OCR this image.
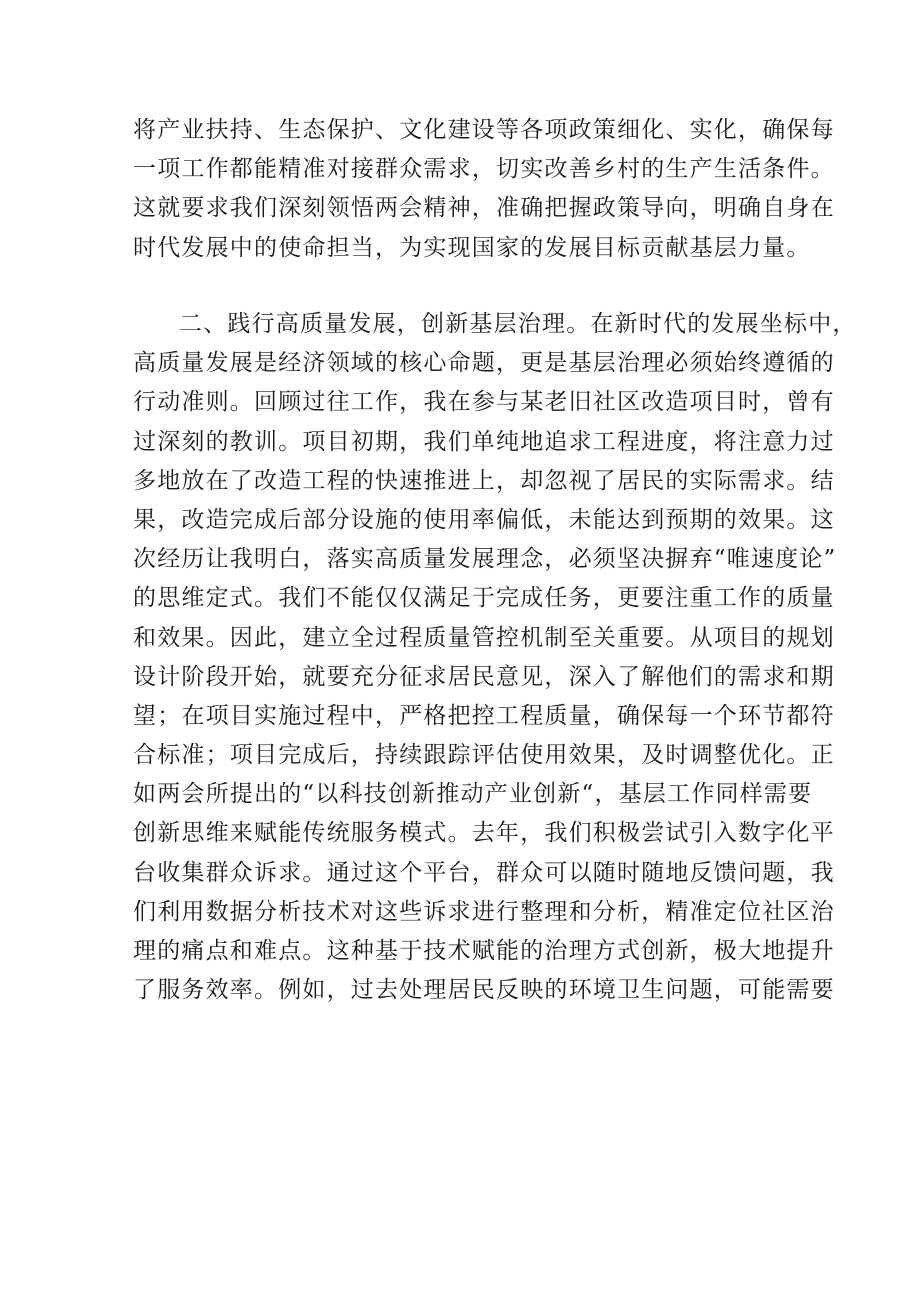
将产业扶持、生态保护、文化建设等各项政策细化、实化，确保每
一项工作都能精准对接群众需求，切实改善乡村的生产生活条件。
这就要求我们深刻领悟两会精神，准确把握政策导向，明确自身在
时代发展中的使命担当，为实现国家的发展目标贡献基层力量。
二、践行高质量发展，创新基层治理。在新时代的发展坐标中，
高质量发展是经济领域的核心命题，更是基层治理必须始终遵循的
行动准则。回顾过往工作，我在参与某老旧社区改造项目时，曾有
过深刻的教训。项目初期，我们单纯地追求工程进度，将注意力过
多地放在了改造工程的快速推进上，却忽视了居民的实际需求。结
果，改造完成后部分设施的使用率偏低，未能达到预期的效果。这
次经历让我明白，落实高质量发展理念，必须坚决摒弃“唯速度论”
的思维定式。我们不能仅仅满足于完成任务，更要注重工作的质量
和效果。因此，建立全过程质量管控机制至关重要。从项目的规划
设计阶段开始，就要充分征求居民意见，深入了解他们的需求和期
望；在项目实施过程中，严格把控工程质量，确保每一个环节都符
合标准；项目完成后，持续跟踪评估使用效果，及时调整优化。正
如两会所提出的“以科技创新推动产业创新“，基层工作同样需要
创新思维来赋能传统服务模式。去年，我们积极尝试引入数字化平
台收集群众诉求。通过这个平台，群众可以随时随地反馈问题，我
们利用数据分析技术对这些诉求进行整理和分析，精准定位社区治
理的痛点和难点。这种基于技术赋能的治理方式创新，极大地提升
了服务效率。例如，过去处理居民反映的环境卫生问题，可能需要
